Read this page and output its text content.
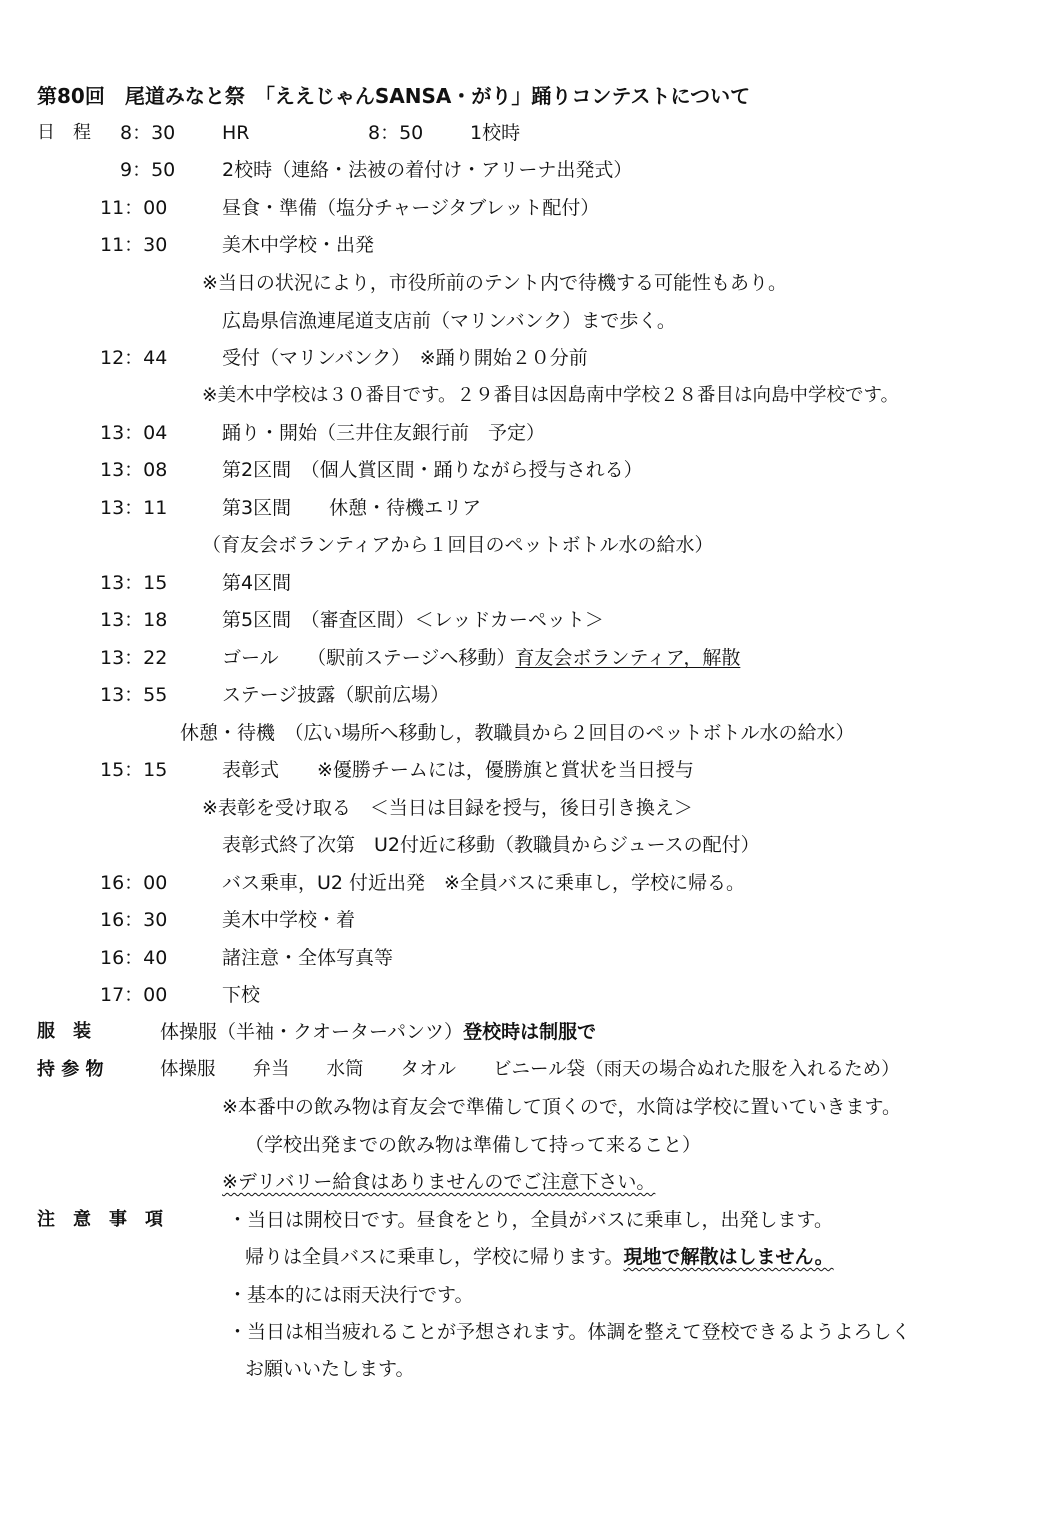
第80回　尾道みなと祭　「ええじゃんSANSA・がり」踊りコンテストについて
日　程 8：30 HR	8：50 1校時
9：50 2校時（連絡・法被の着付け・アリーナ出発式）
11：00	昼食・準備（塩分チャージタブレット配付）
11：30	美木中学校・出発
※当日の状況により，市役所前のテント内で待機する可能性もあり。
広島県信漁連尾道支店前（マリンバンク）まで歩く。
12：44	受付（マリンバンク）　※踊り開始２０分前
※美木中学校は３０番目です。２９番目は因島南中学校２８番目は向島中学校です。
13：04	踊り・開始（三井住友銀行前　予定）
13：08	第2区間　（個人賞区間・踊りながら授与される）
13：11	第3区間　　休憩・待機エリア
（育友会ボランティアから１回目のペットボトル水の給水）
13：15	第4区間
13：18	第5区間　（審査区間）＜レッドカーペット＞
13：22	ゴール　　（駅前ステージへ移動）育友会ボランティア，解散
13：55	ステージ披露（駅前広場）
休憩・待機　（広い場所へ移動し，教職員から２回目のペットボトル水の給水）
15：15	表彰式　　※優勝チームには，優勝旗と賞状を当日授与
※表彰を受け取る　＜当日は目録を授与，後日引き換え＞
表彰式終了次第　U2付近に移動（教職員からジュースの配付）
16：00	バス乗車，U2 付近出発　※全員バスに乗車し，学校に帰る。
16：30	美木中学校・着
16：40	諸注意・全体写真等
17：00	下校
服　装	体操服（半袖・クオーターパンツ）登校時は制服で
持 参 物	体操服　　弁当　　水筒　　タオル　　ビニール袋（雨天の場合ぬれた服を入れるため）
※本番中の飲み物は育友会で準備して頂くので，水筒は学校に置いていきます。
（学校出発までの飲み物は準備して持って来ること）
※デリバリー給食はありませんのでご注意下さい。
注　意　事　項	・当日は開校日です。昼食をとり，全員がバスに乗車し，出発します。
帰りは全員バスに乗車し，学校に帰ります。現地で解散はしません。
・基本的には雨天決行です。
・当日は相当疲れることが予想されます。体調を整えて登校できるようよろしく
お願いいたします。
